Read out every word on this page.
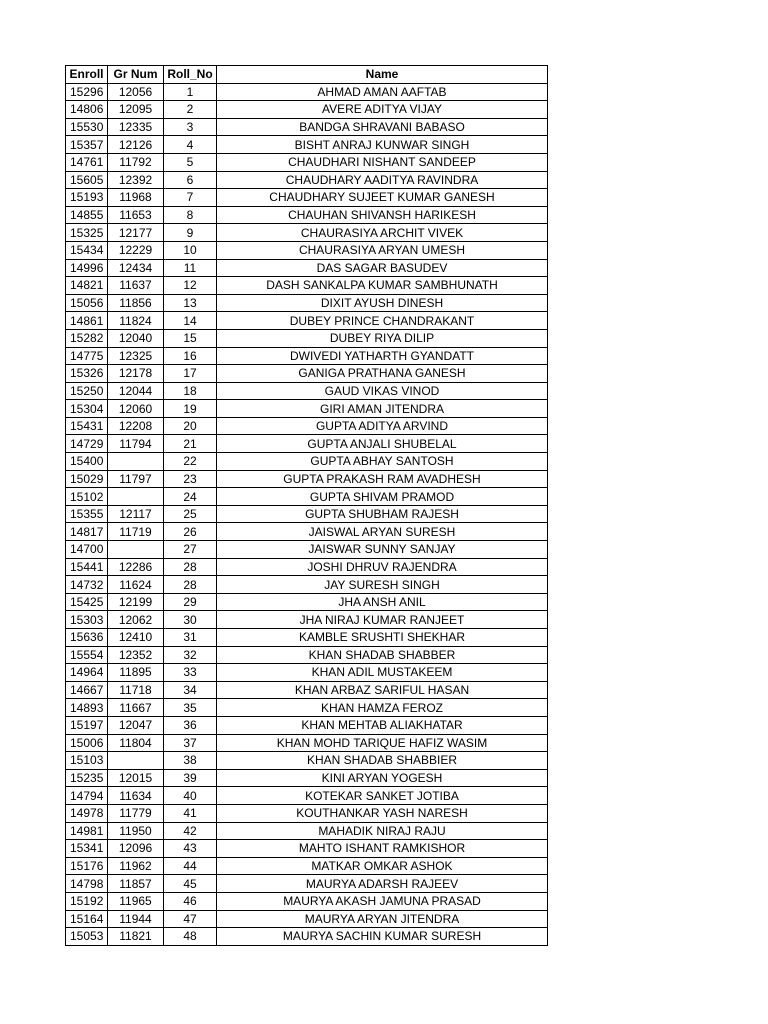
Enroll	Gr Num	Roll_No	Name
15296	12056	1	AHMAD AMAN AAFTAB
14806	12095	2	AVERE ADITYA VIJAY
15530	12335	3	BANDGA SHRAVANI BABASO
15357	12126	4	BISHT ANRAJ KUNWAR SINGH
14761	11792	5	CHAUDHARI NISHANT SANDEEP
15605	12392	6	CHAUDHARY AADITYA RAVINDRA
15193	11968	7	CHAUDHARY SUJEET KUMAR GANESH
14855	11653	8	CHAUHAN SHIVANSH HARIKESH
15325	12177	9	CHAURASIYA ARCHIT VIVEK
15434	12229	10	CHAURASIYA ARYAN UMESH
14996	12434	11	DAS SAGAR BASUDEV
14821	11637	12	DASH SANKALPA KUMAR SAMBHUNATH
15056	11856	13	DIXIT AYUSH DINESH
14861	11824	14	DUBEY PRINCE CHANDRAKANT
15282	12040	15	DUBEY RIYA DILIP
14775	12325	16	DWIVEDI YATHARTH GYANDATT
15326	12178	17	GANIGA PRATHANA GANESH
15250	12044	18	GAUD VIKAS VINOD
15304	12060	19	GIRI AMAN JITENDRA
15431	12208	20	GUPTA ADITYA ARVIND
14729	11794	21	GUPTA ANJALI SHUBELAL
15400		22	GUPTA ABHAY SANTOSH
15029	11797	23	GUPTA PRAKASH RAM AVADHESH
15102		24	GUPTA SHIVAM PRAMOD
15355	12117	25	GUPTA SHUBHAM RAJESH
14817	11719	26	JAISWAL ARYAN SURESH
14700		27	JAISWAR SUNNY SANJAY
15441	12286	28	JOSHI DHRUV RAJENDRA
14732	11624	28	JAY SURESH SINGH
15425	12199	29	JHA ANSH ANIL
15303	12062	30	JHA NIRAJ KUMAR RANJEET
15636	12410	31	KAMBLE SRUSHTI SHEKHAR
15554	12352	32	KHAN SHADAB SHABBER
14964	11895	33	KHAN ADIL MUSTAKEEM
14667	11718	34	KHAN ARBAZ SARIFUL HASAN
14893	11667	35	KHAN HAMZA FEROZ
15197	12047	36	KHAN MEHTAB ALIAKHATAR
15006	11804	37	KHAN MOHD TARIQUE HAFIZ WASIM
15103		38	KHAN SHADAB SHABBIER
15235	12015	39	KINI ARYAN YOGESH
14794	11634	40	KOTEKAR SANKET JOTIBA
14978	11779	41	KOUTHANKAR YASH NARESH
14981	11950	42	MAHADIK NIRAJ RAJU
15341	12096	43	MAHTO ISHANT RAMKISHOR
15176	11962	44	MATKAR OMKAR ASHOK
14798	11857	45	MAURYA ADARSH RAJEEV
15192	11965	46	MAURYA AKASH JAMUNA PRASAD
15164	11944	47	MAURYA ARYAN JITENDRA
15053	11821	48	MAURYA SACHIN KUMAR SURESH
